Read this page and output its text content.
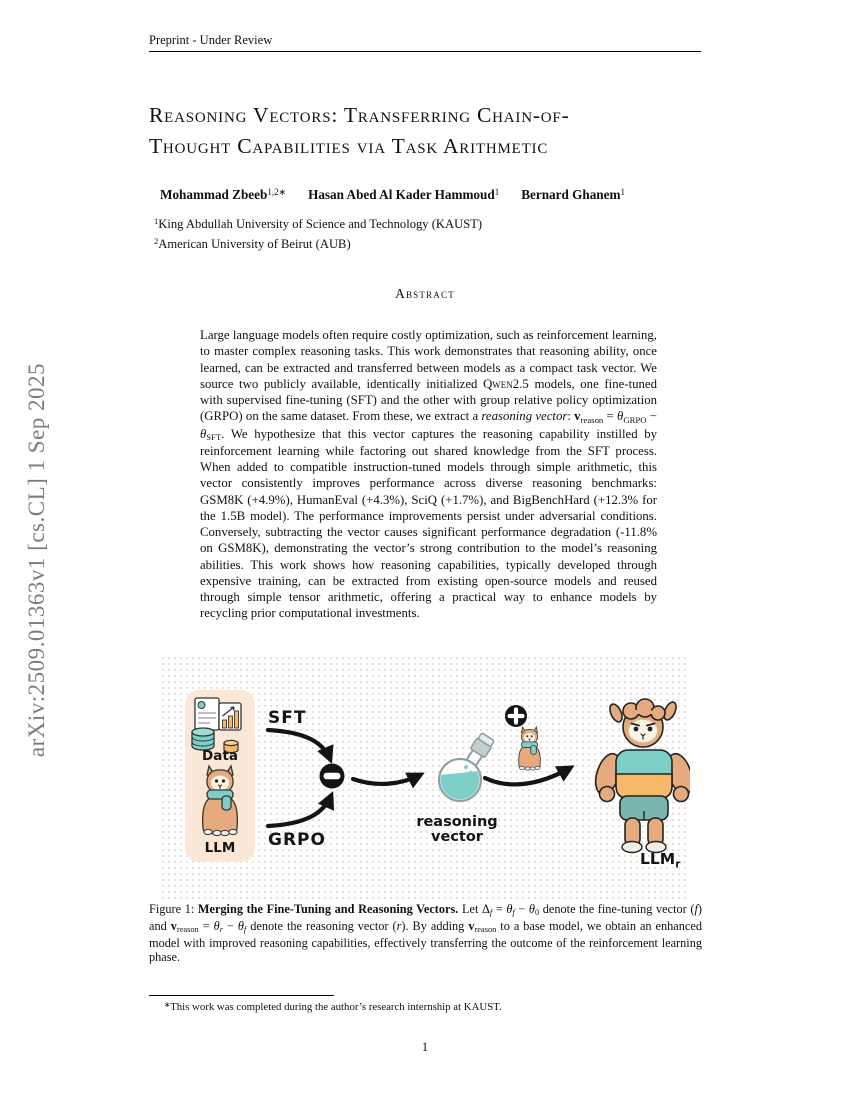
arXiv:2509.01363v1 [cs.CL] 1 Sep 2025
Preprint - Under Review
Reasoning Vectors: Transferring Chain-of-
Thought Capabilities via Task Arithmetic
Mohammad Zbeeb$^{1,2∗}$ Hasan Abed Al Kader Hammoud$^1$ Bernard Ghanem$^1$
$^1$King Abdullah University of Science and Technology (KAUST)
$^2$American University of Beirut (AUB)
Abstract
Large language models often require costly optimization, such as reinforcement learning, to master complex reasoning tasks. This work demonstrates that reasoning ability, once learned, can be extracted and transferred between models as a compact task vector. We source two publicly available, identically initialized Qwen2.5 models, one fine-tuned with supervised fine-tuning (SFT) and the other with group relative policy optimization (GRPO) on the same dataset. From these, we extract a reasoning vector: vreason = θGRPO − θSFT. We hypothesize that this vector captures the reasoning capability instilled by reinforcement learning while factoring out shared knowledge from the SFT process. When added to compatible instruction-tuned models through simple arithmetic, this vector consistently improves performance across diverse reasoning benchmarks: GSM8K (+4.9%), HumanEval (+4.3%), SciQ (+1.7%), and BigBenchHard (+12.3% for the 1.5B model). The performance improvements persist under adversarial conditions. Conversely, subtracting the vector causes significant performance degradation (-11.8% on GSM8K), demonstrating the vector’s strong contribution to the model’s reasoning abilities. This work shows how reasoning capabilities, typically developed through expensive training, can be extracted from existing open-source models and reused through simple tensor arithmetic, offering a practical way to enhance models by recycling prior computational investments.
Data
LLM
SFT
GRPO
reasoning
vector
$LLM_r$
Figure 1: Merging the Fine-Tuning and Reasoning Vectors. Let Δf = θf − θ0 denote the fine-tuning vector (f) and vreason = θr − θf denote the reasoning vector (r). By adding vreason to a base model, we obtain an enhanced model with improved reasoning capabilities, effectively transferring the outcome of the reinforcement learning phase.
∗This work was completed during the author’s research internship at KAUST.
1
